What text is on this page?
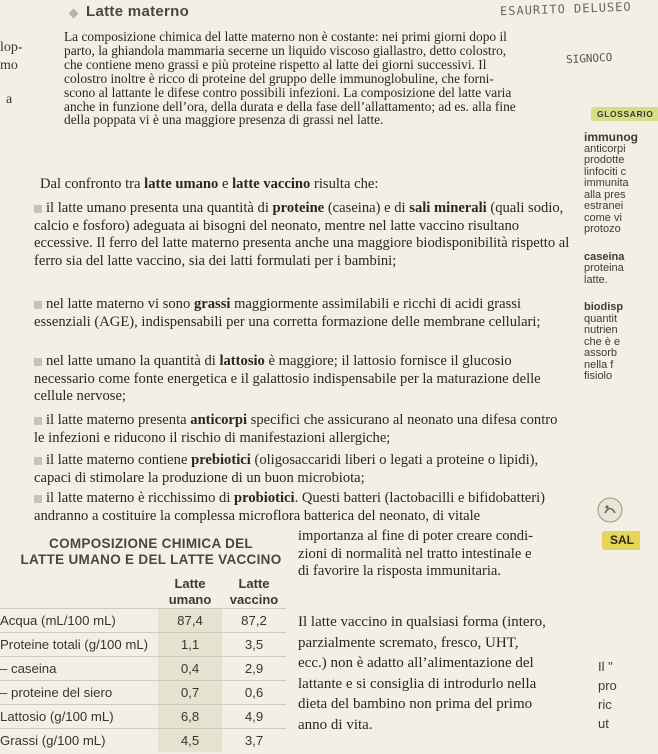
Latte materno	ESAURITO DELUSEO
SIGNOCO
lop-
mo
a

La composizione chimica del latte materno non è costante: nei primi giorni dopo il

parto, la ghiandola mammaria secerne un liquido viscoso giallastro, detto colostro,

che contiene meno grassi e più proteine rispetto al latte dei giorni successivi. Il

colostro inoltre è ricco di proteine del gruppo delle immunoglobuline, che forni-

scono al lattante le difese contro possibili infezioni. La composizione del latte varia

anche in funzione dell’ora, della durata e della fase dell’allattamento; ad es. alla fine

della poppata vi è una maggiore presenza di grassi nel latte.

Dal confronto tra latte umano e latte vaccino risulta che:
il latte umano presenta una quantità di proteine (caseina) e di sali minerali (quali sodio, calcio e fosforo) adeguata ai bisogni del neonato, mentre nel latte vaccino risultano eccessive. Il ferro del latte materno presenta anche una maggiore biodisponibilità rispetto al ferro sia del latte vaccino, sia dei latti formulati per i bambini;
nel latte materno vi sono grassi maggiormente assimilabili e ricchi di acidi grassi essenziali (AGE), indispensabili per una corretta formazione delle membrane cellulari;
nel latte umano la quantità di lattosio è maggiore; il lattosio fornisce il glucosio necessario come fonte energetica e il galattosio indispensabile per la maturazione delle cellule nervose;
il latte materno presenta anticorpi specifici che assicurano al neonato una difesa contro le infezioni e riducono il rischio di manifestazioni allergiche;
il latte materno contiene prebiotici (oligosaccaridi liberi o legati a proteine o lipidi), capaci di stimolare la produzione di un buon microbiota;
il latte materno è ricchissimo di probiotici. Questi batteri (lactobacilli e bifidobatteri) andranno a costituire la complessa microflora batterica del neonato, di vitale
importanza al fine di poter creare condi-
zioni di normalità nel tratto intestinale e
di favorire la risposta immunitaria.
Il latte vaccino in qualsiasi forma (intero,
parzialmente scremato, fresco, UHT,
ecc.) non è adatto all’alimentazione del
lattante e si consiglia di introdurlo nella
dieta del bambino non prima del primo
anno di vita.
GLOSSARIO
immunog
anticorpi
prodotte
linfociti c
immunita
alla pres
estranei
come vi
protozo
caseina
proteina
latte.
biodisp
quantit
nutrien
che è e
assorb
nella f
fisiolo
SAL
Il "
pro
ric
ut
COMPOSIZIONE CHIMICA DEL
LATTE UMANO E DEL LATTE VACCINO
	Latte umano	Latte vaccino
Acqua (mL/100 mL)	87,4	87,2
Proteine totali (g/100 mL)	1,1	3,5
– caseina	0,4	2,9
– proteine del siero	0,7	0,6
Lattosio (g/100 mL)	6,8	4,9
Grassi (g/100 mL)	4,5	3,7
